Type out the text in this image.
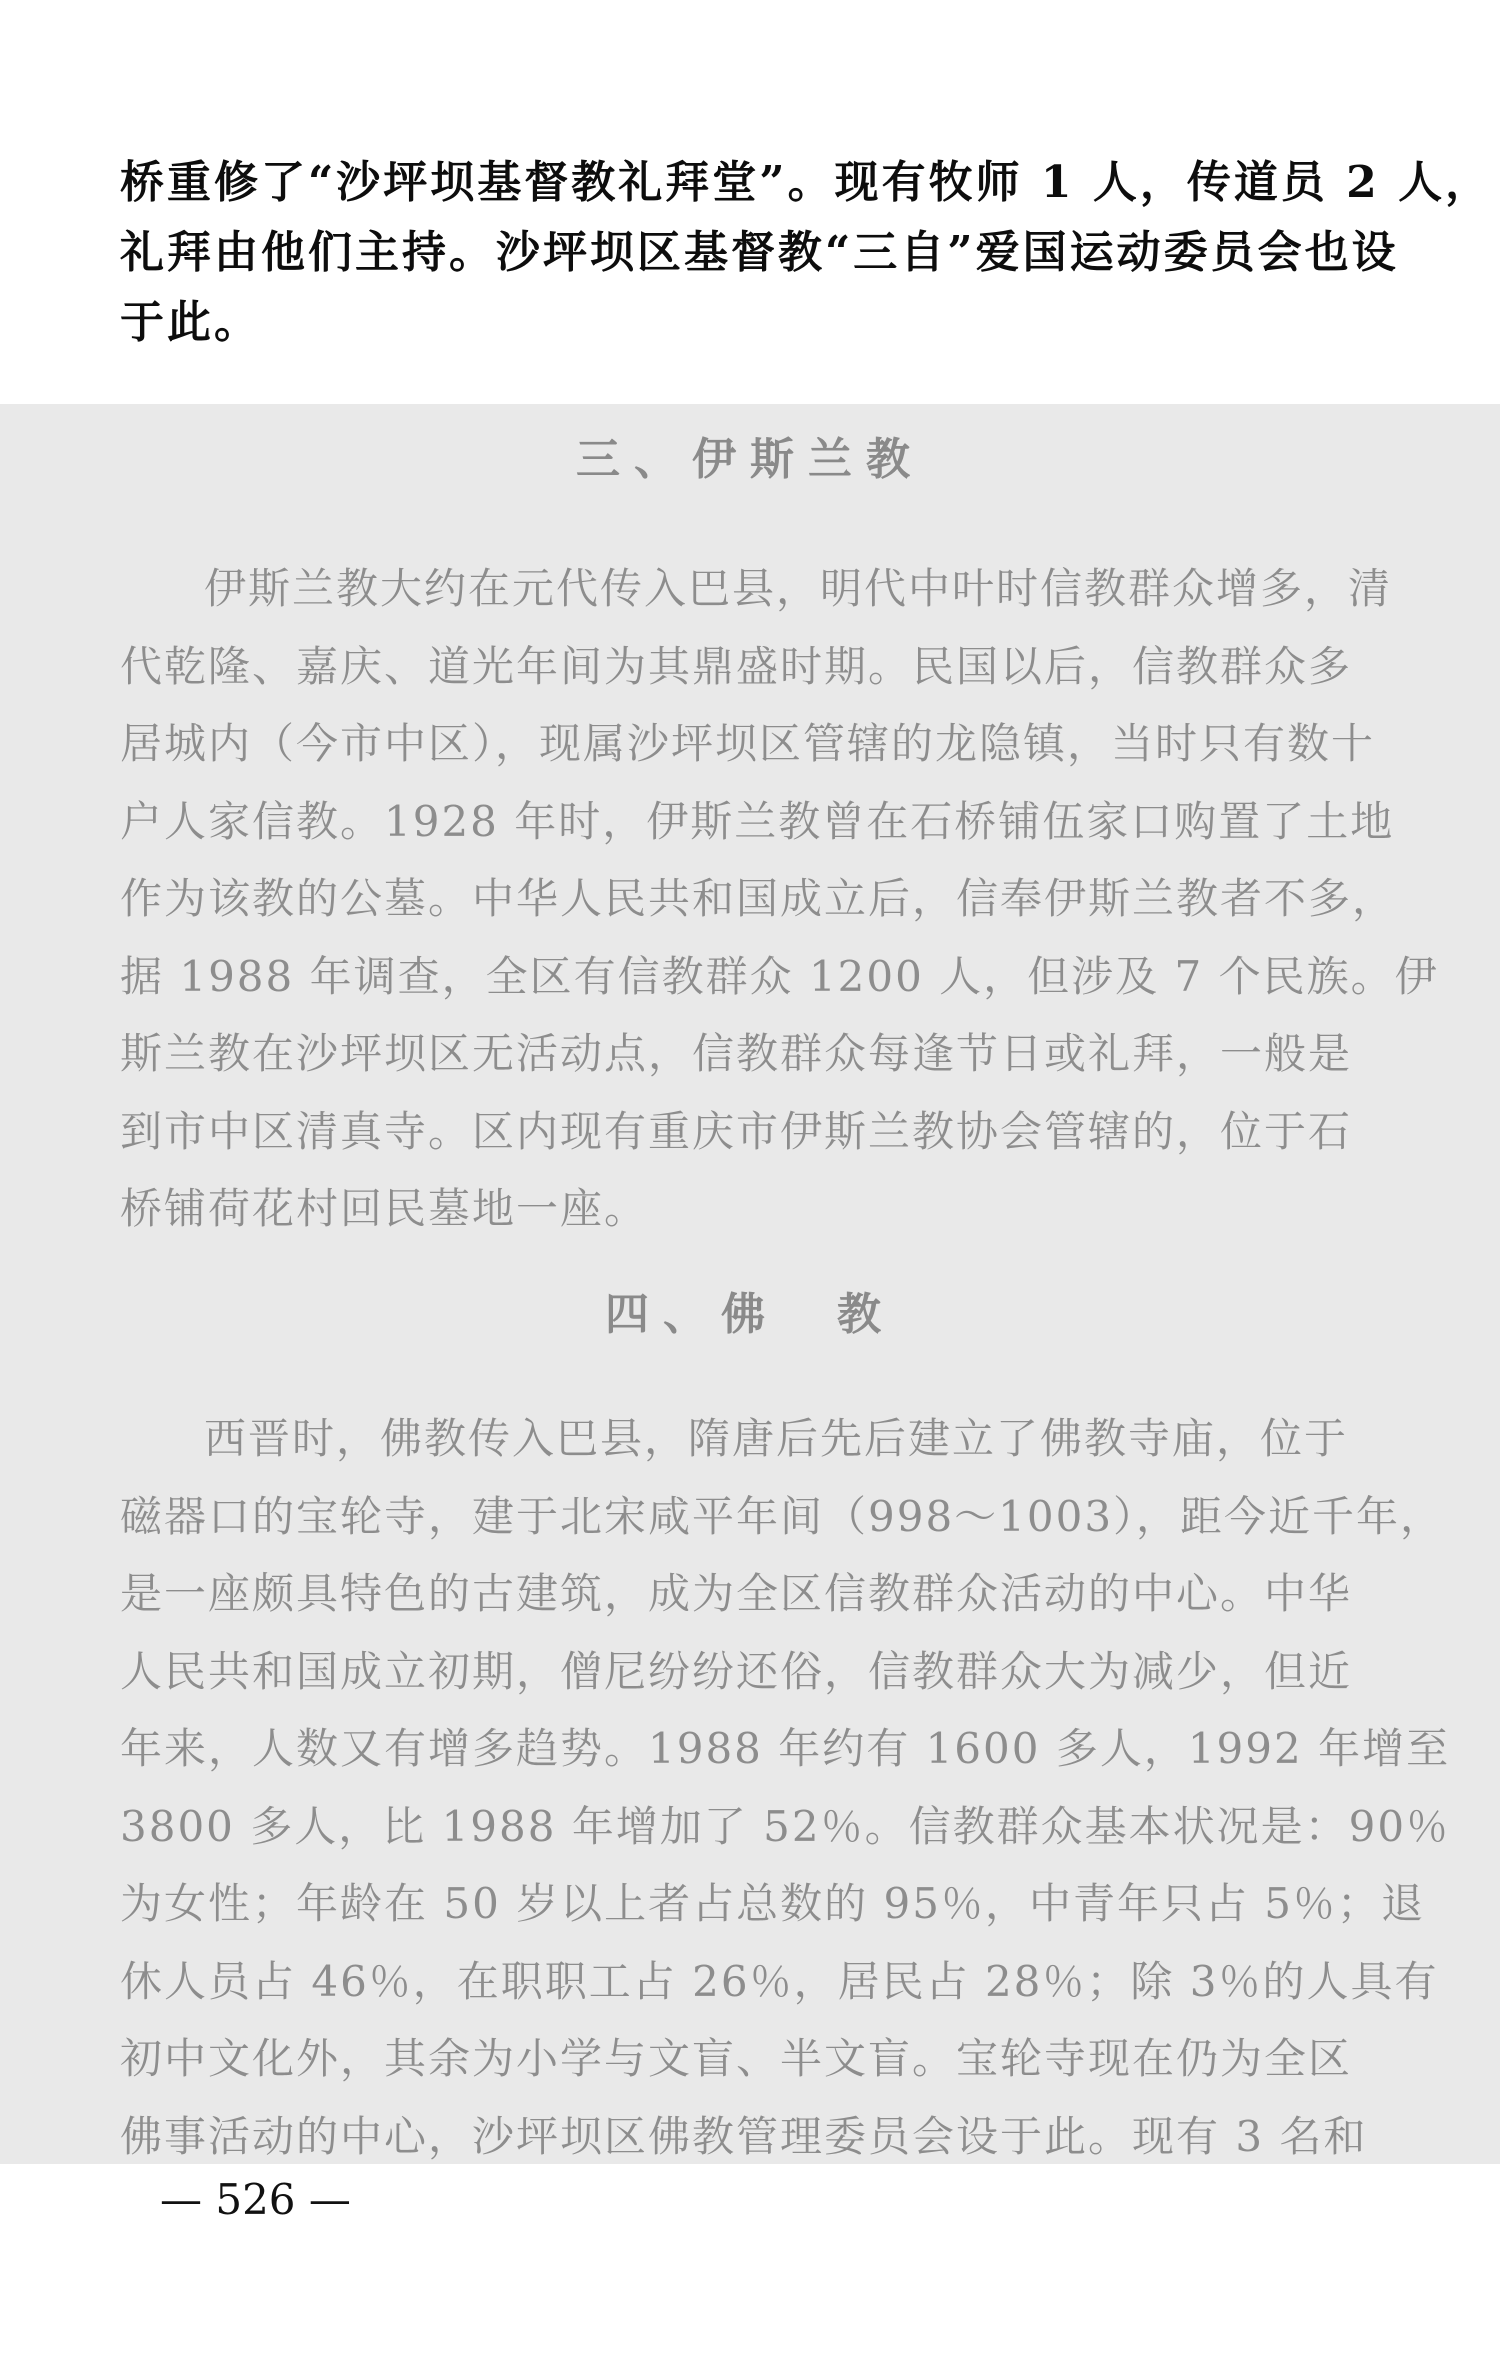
桥重修了“沙坪坝基督教礼拜堂”。现有牧师 1 人，传道员 2 人，
礼拜由他们主持。沙坪坝区基督教“三自”爱国运动委员会也设
于此。
三、伊斯兰教
伊斯兰教大约在元代传入巴县，明代中叶时信教群众增多，清
代乾隆、嘉庆、道光年间为其鼎盛时期。民国以后，信教群众多
居城内（今市中区），现属沙坪坝区管辖的龙隐镇，当时只有数十
户人家信教。1928 年时，伊斯兰教曾在石桥铺伍家口购置了土地
作为该教的公墓。中华人民共和国成立后，信奉伊斯兰教者不多，
据 1988 年调查，全区有信教群众 1200 人，但涉及 7 个民族。伊
斯兰教在沙坪坝区无活动点，信教群众每逢节日或礼拜，一般是
到市中区清真寺。区内现有重庆市伊斯兰教协会管辖的，位于石
桥铺荷花村回民墓地一座。
四、佛　教
西晋时，佛教传入巴县，隋唐后先后建立了佛教寺庙，位于
磁器口的宝轮寺，建于北宋咸平年间（998～1003），距今近千年，
是一座颇具特色的古建筑，成为全区信教群众活动的中心。中华
人民共和国成立初期，僧尼纷纷还俗，信教群众大为减少，但近
年来，人数又有增多趋势。1988 年约有 1600 多人，1992 年增至
3800 多人，比 1988 年增加了 52％。信教群众基本状况是：90％
为女性；年龄在 50 岁以上者占总数的 95％，中青年只占 5％；退
休人员占 46％，在职职工占 26％，居民占 28％；除 3％的人具有
初中文化外，其余为小学与文盲、半文盲。宝轮寺现在仍为全区
佛事活动的中心，沙坪坝区佛教管理委员会设于此。现有 3 名和
— 526 —
